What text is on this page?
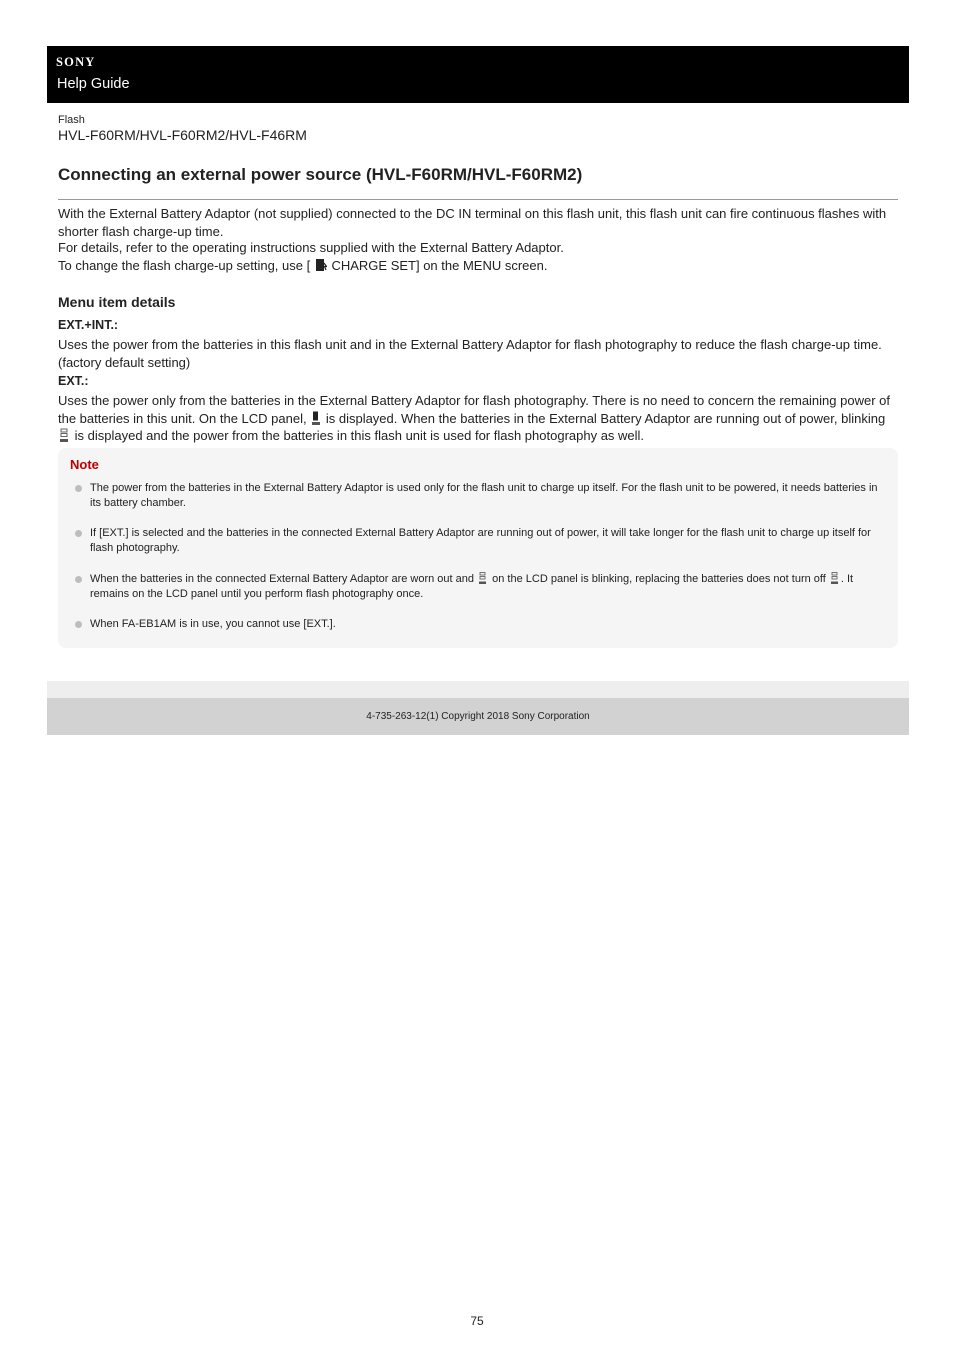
SONY
Help Guide
Flash
HVL-F60RM/HVL-F60RM2/HVL-F46RM
Connecting an external power source (HVL-F60RM/HVL-F60RM2)
With the External Battery Adaptor (not supplied) connected to the DC IN terminal on this flash unit, this flash unit can fire continuous flashes with shorter flash charge-up time.
For details, refer to the operating instructions supplied with the External Battery Adaptor.
To change the flash charge-up setting, use [ CHARGE SET] on the MENU screen.
Menu item details
EXT.+INT.:
Uses the power from the batteries in this flash unit and in the External Battery Adaptor for flash photography to reduce the flash charge-up time. (factory default setting)
EXT.:
Uses the power only from the batteries in the External Battery Adaptor for flash photography. There is no need to concern the remaining power of the batteries in this unit. On the LCD panel, is displayed. When the batteries in the External Battery Adaptor are running out of power, blinking  is displayed and the power from the batteries in this flash unit is used for flash photography as well.
Note
The power from the batteries in the External Battery Adaptor is used only for the flash unit to charge up itself. For the flash unit to be powered, it needs batteries in its battery chamber.
If [EXT.] is selected and the batteries in the connected External Battery Adaptor are running out of power, it will take longer for the flash unit to charge up itself for flash photography.
When the batteries in the connected External Battery Adaptor are worn out and on the LCD panel is blinking, replacing the batteries does not turn off . It remains on the LCD panel until you perform flash photography once.
When FA-EB1AM is in use, you cannot use [EXT.].
4-735-263-12(1) Copyright 2018 Sony Corporation
75
